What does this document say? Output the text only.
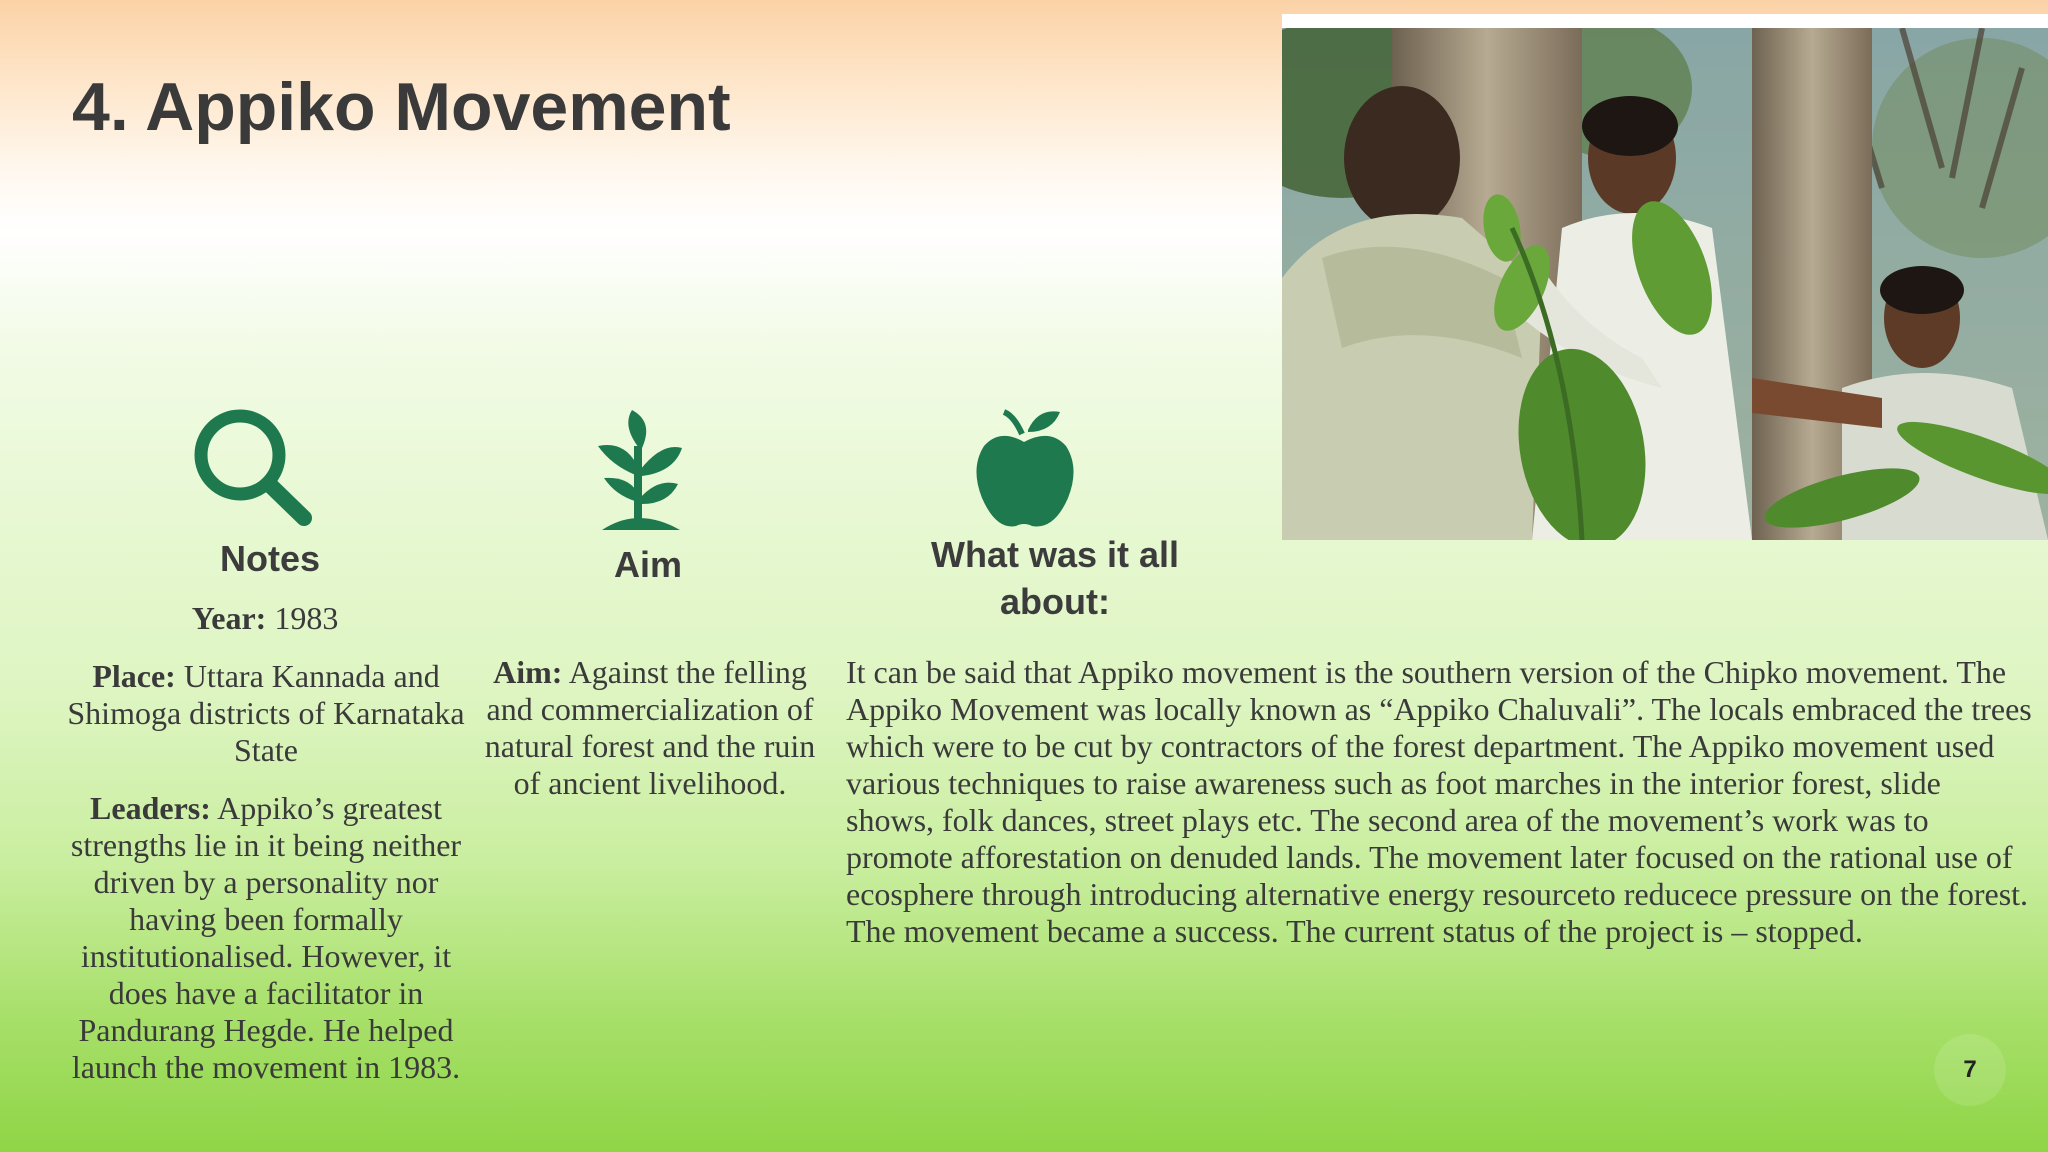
4. Appiko Movement
Notes
Year: 1983
Place: Uttara Kannada and Shimoga districts of Karnataka State
Leaders: Appiko’s greatest strengths lie in it being neither driven by a personality nor having been formally institutionalised. However, it does have a facilitator in Pandurang Hegde. He helped launch the movement in 1983.
Aim
Aim: Against the felling and commercialization of natural forest and the ruin of ancient livelihood.
What was it all about:
It can be said that Appiko movement is the southern version of the Chipko movement. The Appiko Movement was locally known as “Appiko Chaluvali”. The locals embraced the trees which were to be cut by contractors of the forest department. The Appiko movement used various techniques to raise awareness such as foot marches in the interior forest, slide shows, folk dances, street plays etc. The second area of the movement’s work was to promote afforestation on denuded lands. The movement later focused on the rational use of ecosphere through introducing alternative energy resourceto reducece pressure on the forest. The movement became a success. The current status of the project is – stopped.
7
